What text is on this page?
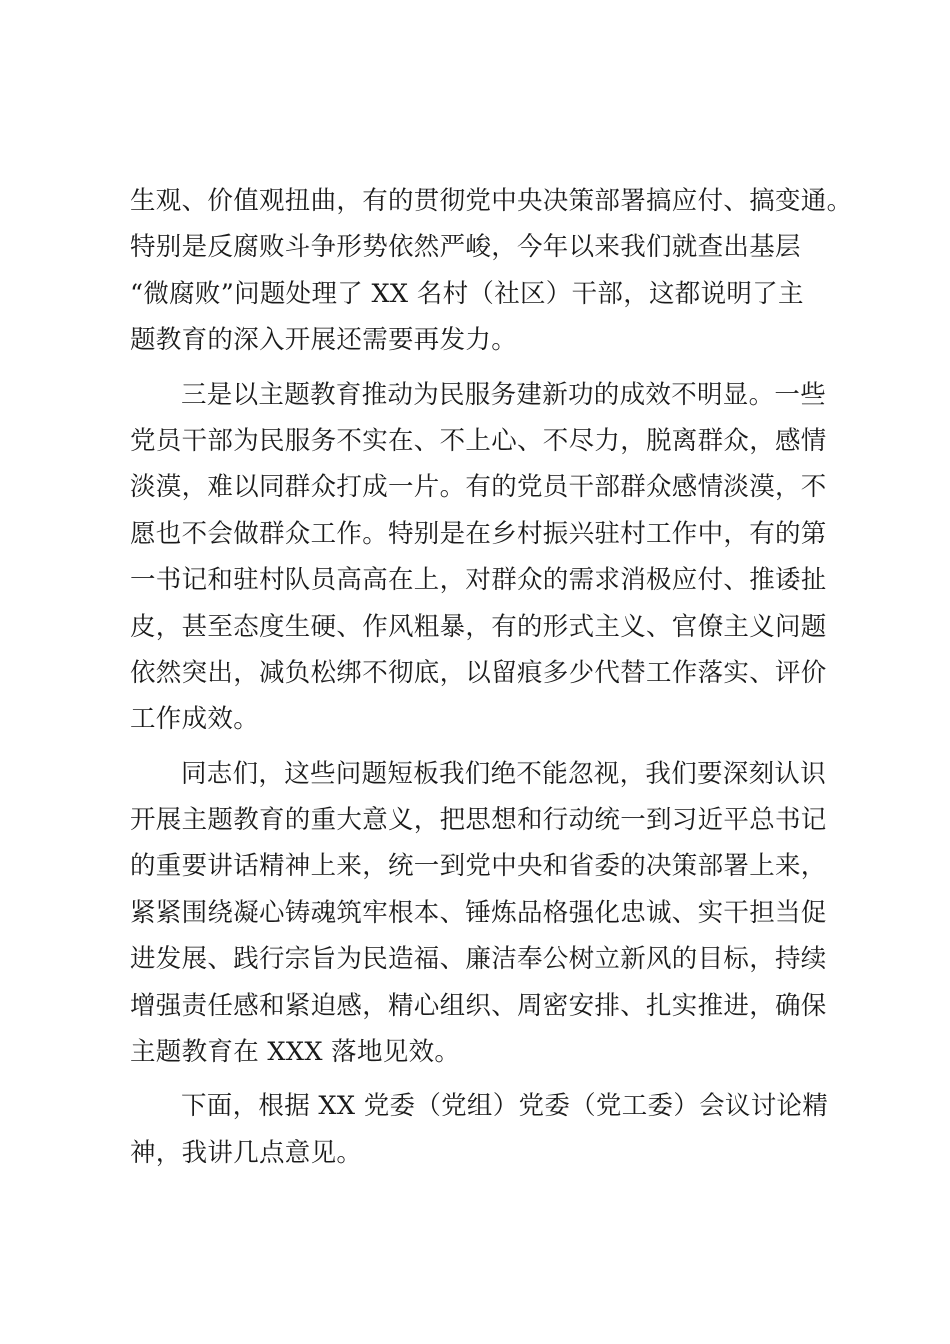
生观、价值观扭曲，有的贯彻党中央决策部署搞应付、搞变通。
特别是反腐败斗争形势依然严峻，今年以来我们就查出基层
“微腐败”问题处理了 XX 名村（社区）干部，这都说明了主
题教育的深入开展还需要再发力。
三是以主题教育推动为民服务建新功的成效不明显。一些
党员干部为民服务不实在、不上心、不尽力，脱离群众，感情
淡漠，难以同群众打成一片。有的党员干部群众感情淡漠，不
愿也不会做群众工作。特别是在乡村振兴驻村工作中，有的第
一书记和驻村队员高高在上，对群众的需求消极应付、推诿扯
皮，甚至态度生硬、作风粗暴，有的形式主义、官僚主义问题
依然突出，减负松绑不彻底，以留痕多少代替工作落实、评价
工作成效。
同志们，这些问题短板我们绝不能忽视，我们要深刻认识
开展主题教育的重大意义，把思想和行动统一到习近平总书记
的重要讲话精神上来，统一到党中央和省委的决策部署上来，
紧紧围绕凝心铸魂筑牢根本、锤炼品格强化忠诚、实干担当促
进发展、践行宗旨为民造福、廉洁奉公树立新风的目标，持续
增强责任感和紧迫感，精心组织、周密安排、扎实推进，确保
主题教育在 XXX 落地见效。
下面，根据 XX 党委（党组）党委（党工委）会议讨论精
神，我讲几点意见。
